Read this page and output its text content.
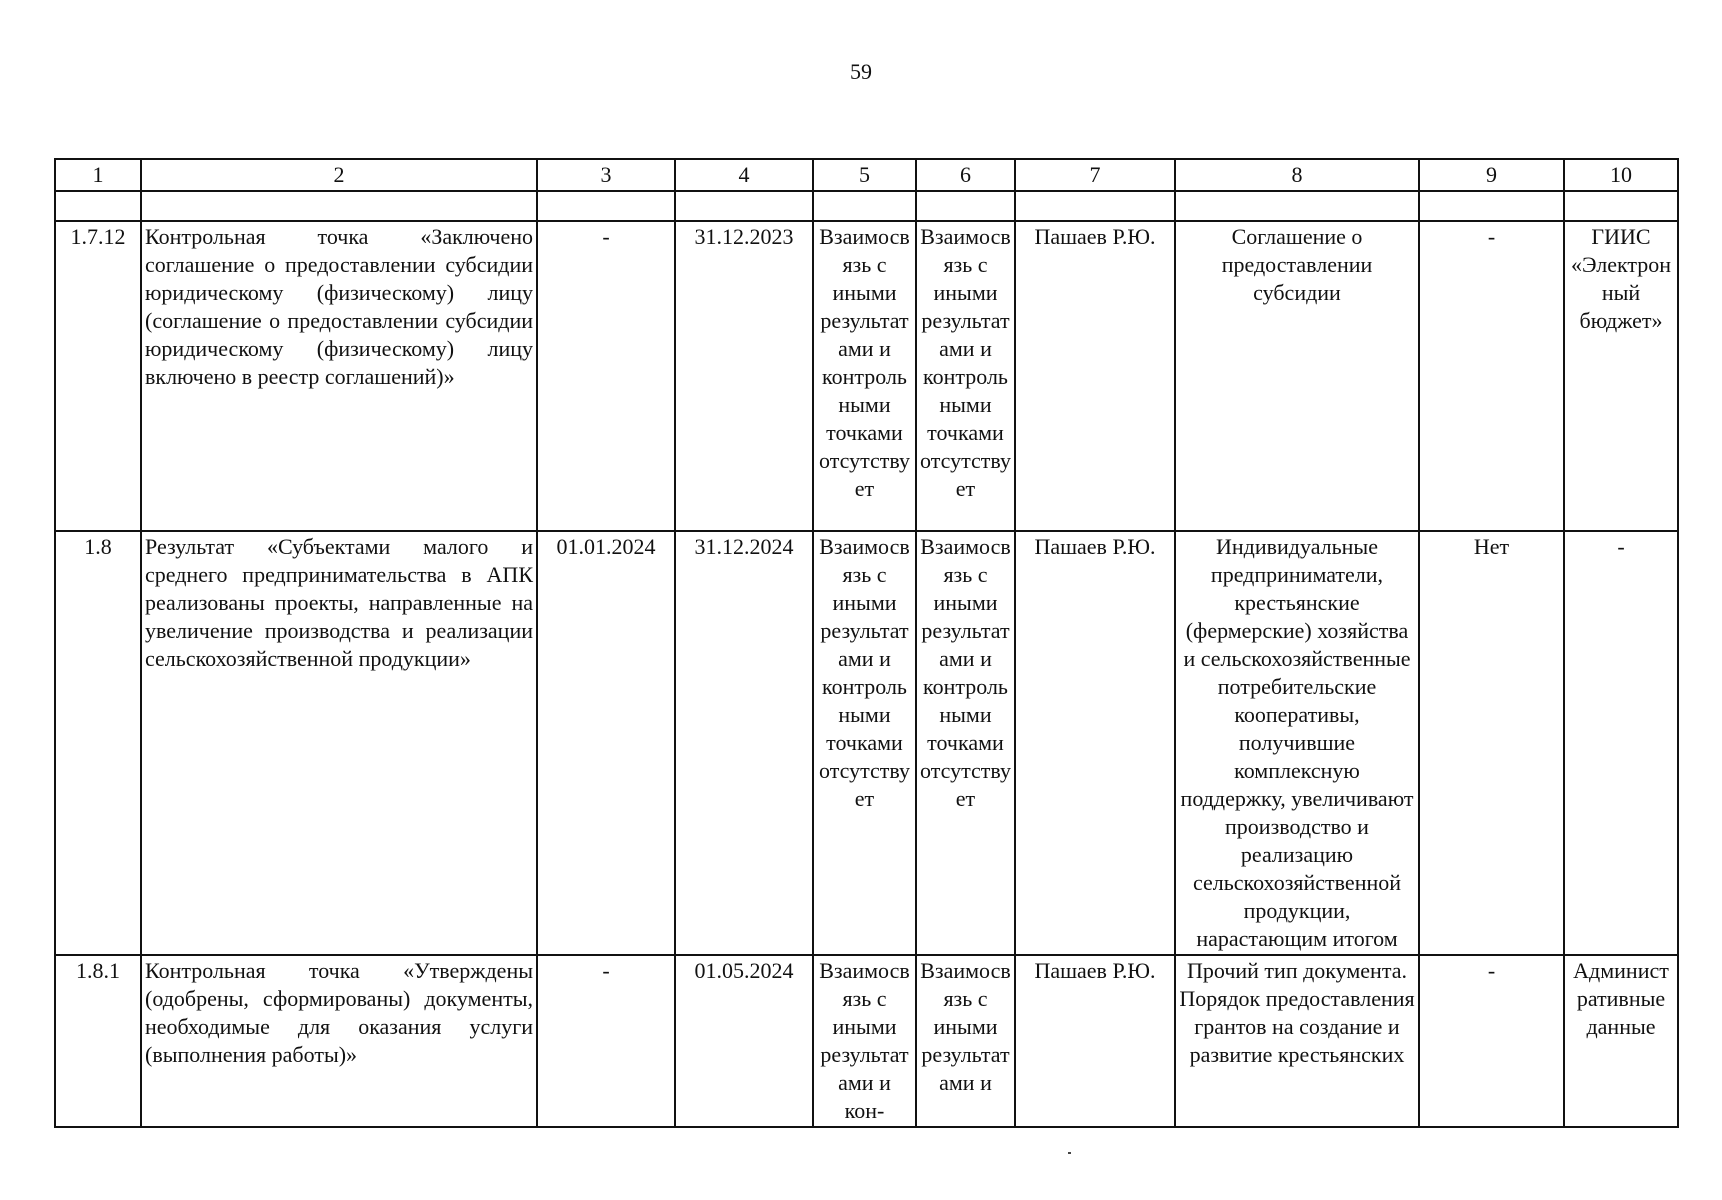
59
1	2	3	4	5	6	7	8	9	10

1.7.12	Контрольная точка «Заключено соглашение о предоставлении субсидии юридическому (физическому) лицу (соглашение о предоставлении субсидии юридическому (физическому) лицу включено в реестр соглашений)»	-	31.12.2023	Взаимосвязь с иными результатами и контрольными точками отсутствует	Взаимосвязь с иными результатами и контрольными точками отсутствует	Пашаев Р.Ю.	Соглашение о предоставлении субсидии	-	ГИИС «Электронный бюджет»
1.8	Результат «Субъектами малого и среднего предпринимательства в АПК реализованы проекты, направленные на увеличение производства и реализации сельскохозяйственной продукции»	01.01.2024	31.12.2024	Взаимосвязь с иными результатами и контрольными точками отсутствует	Взаимосвязь с иными результатами и контрольными точками отсутствует	Пашаев Р.Ю.	Индивидуальные предприниматели, крестьянские (фермерские) хозяйства и сельскохозяйственные потребительские кооперативы, получившие комплексную поддержку, увеличивают производство и реализацию сельскохозяйственной продукции, нарастающим итогом	Нет	-
1.8.1	Контрольная точка «Утверждены (одобрены, сформированы) документы, необходимые для оказания услуги (выполнения работы)»	-	01.05.2024	Взаимосвязь с иными результатами и кон-	Взаимосвязь с иными результатами и	Пашаев Р.Ю.	Прочий тип документа. Порядок предоставления грантов на создание и развитие крестьянских	-	Административные данные
